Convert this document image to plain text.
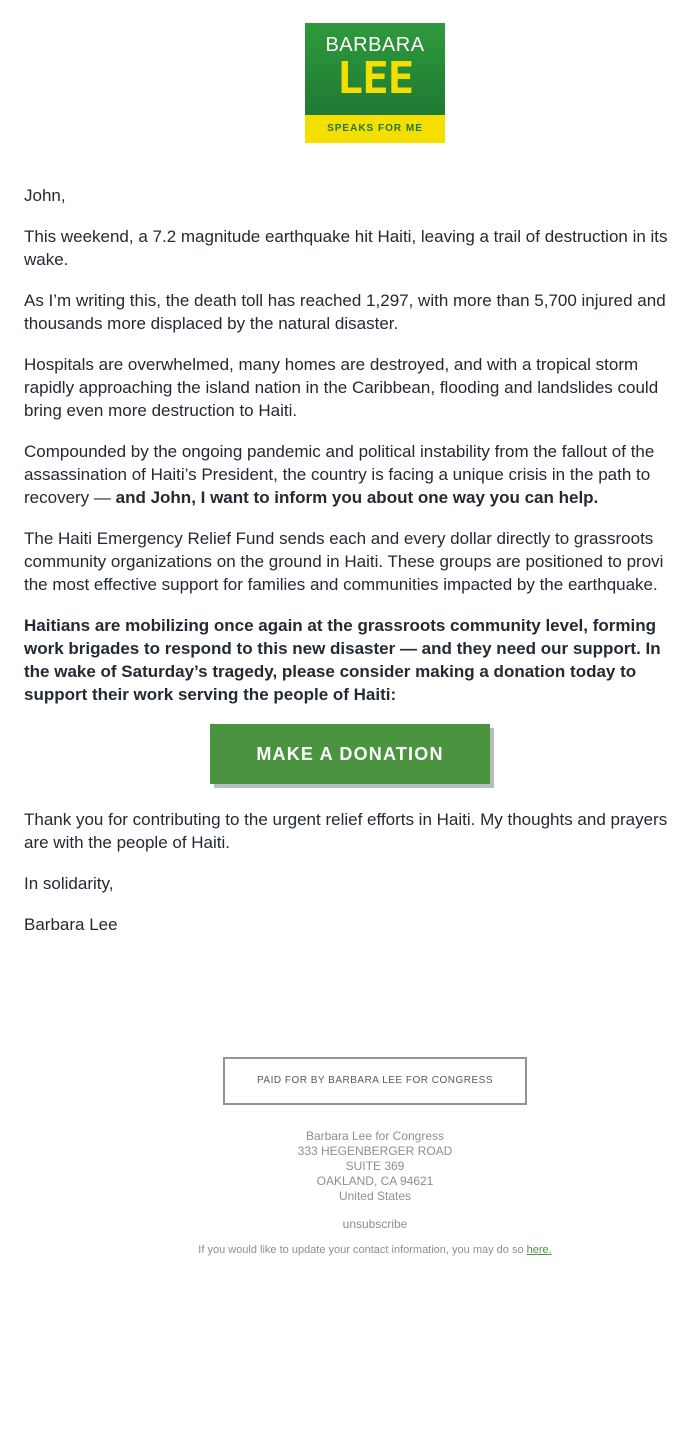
BARBARA
LEE
SPEAKS FOR ME

John,

This weekend, a 7.2 magnitude earthquake hit Haiti, leaving a trail of destruction in its
wake.

As I’m writing this, the death toll has reached 1,297, with more than 5,700 injured and
thousands more displaced by the natural disaster.

Hospitals are overwhelmed, many homes are destroyed, and with a tropical storm
rapidly approaching the island nation in the Caribbean, flooding and landslides could
bring even more destruction to Haiti.

Compounded by the ongoing pandemic and political instability from the fallout of the
assassination of Haiti’s President, the country is facing a unique crisis in the path to
recovery — and John, I want to inform you about one way you can help.

The Haiti Emergency Relief Fund sends each and every dollar directly to grassroots
community organizations on the ground in Haiti. These groups are positioned to provi
the most effective support for families and communities impacted by the earthquake.

Haitians are mobilizing once again at the grassroots community level, forming
work brigades to respond to this new disaster — and they need our support. In
the wake of Saturday’s tragedy, please consider making a donation today to
support their work serving the people of Haiti:

MAKE A DONATION

Thank you for contributing to the urgent relief efforts in Haiti. My thoughts and prayers
are with the people of Haiti.

In solidarity,

Barbara Lee

PAID FOR BY BARBARA LEE FOR CONGRESS
Barbara Lee for Congress
333 HEGENBERGER ROAD
SUITE 369
OAKLAND, CA 94621
United States
unsubscribe
If you would like to update your contact information, you may do so here.
